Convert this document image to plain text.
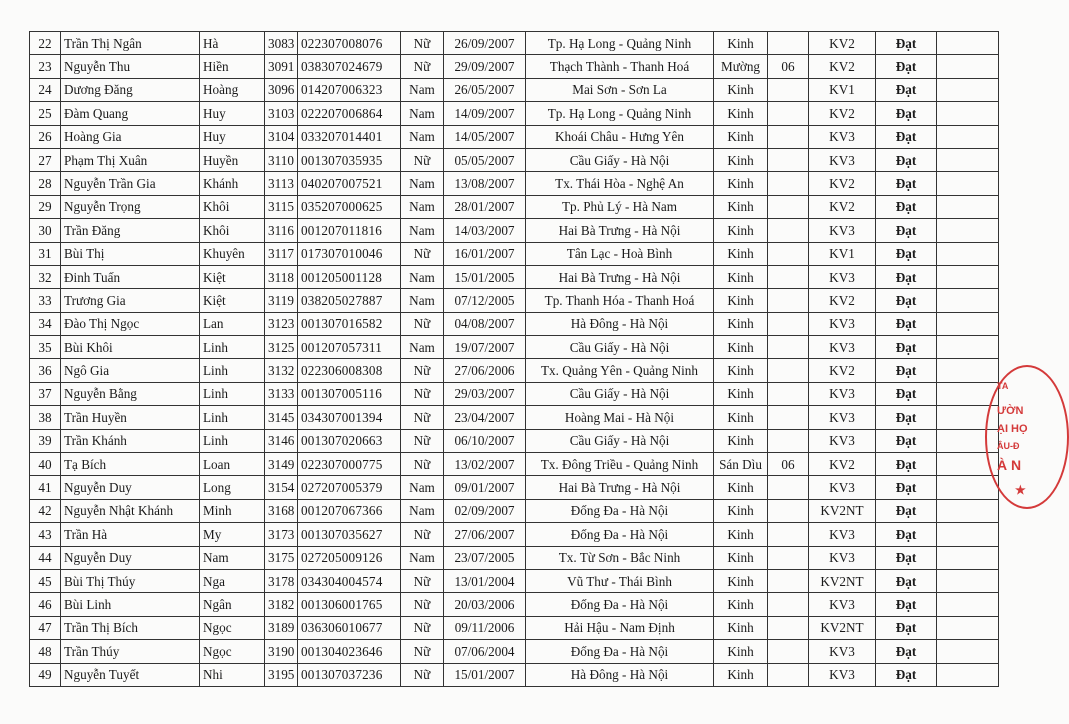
22	Trần Thị Ngân	Hà	3083	022307008076	Nữ	26/09/2007	Tp. Hạ Long - Quảng Ninh	Kinh		KV2	Đạt	
23	Nguyễn Thu	Hiền	3091	038307024679	Nữ	29/09/2007	Thạch Thành - Thanh Hoá	Mường	06	KV2	Đạt	
24	Dương Đăng	Hoàng	3096	014207006323	Nam	26/05/2007	Mai Sơn - Sơn La	Kinh		KV1	Đạt	
25	Đàm Quang	Huy	3103	022207006864	Nam	14/09/2007	Tp. Hạ Long - Quảng Ninh	Kinh		KV2	Đạt	
26	Hoàng Gia	Huy	3104	033207014401	Nam	14/05/2007	Khoái Châu - Hưng Yên	Kinh		KV3	Đạt	
27	Phạm Thị Xuân	Huyền	3110	001307035935	Nữ	05/05/2007	Cầu Giấy - Hà Nội	Kinh		KV3	Đạt	
28	Nguyễn Trần Gia	Khánh	3113	040207007521	Nam	13/08/2007	Tx. Thái Hòa - Nghệ An	Kinh		KV2	Đạt	
29	Nguyễn Trọng	Khôi	3115	035207000625	Nam	28/01/2007	Tp. Phủ Lý - Hà Nam	Kinh		KV2	Đạt	
30	Trần Đăng	Khôi	3116	001207011816	Nam	14/03/2007	Hai Bà Trưng - Hà Nội	Kinh		KV3	Đạt	
31	Bùi Thị	Khuyên	3117	017307010046	Nữ	16/01/2007	Tân Lạc - Hoà Bình	Kinh		KV1	Đạt	
32	Đinh Tuấn	Kiệt	3118	001205001128	Nam	15/01/2005	Hai Bà Trưng - Hà Nội	Kinh		KV3	Đạt	
33	Trương Gia	Kiệt	3119	038205027887	Nam	07/12/2005	Tp. Thanh Hóa - Thanh Hoá	Kinh		KV2	Đạt	
34	Đào Thị Ngọc	Lan	3123	001307016582	Nữ	04/08/2007	Hà Đông - Hà Nội	Kinh		KV3	Đạt	
35	Bùi Khôi	Linh	3125	001207057311	Nam	19/07/2007	Cầu Giấy - Hà Nội	Kinh		KV3	Đạt	
36	Ngô Gia	Linh	3132	022306008308	Nữ	27/06/2006	Tx. Quảng Yên - Quảng Ninh	Kinh		KV2	Đạt	
37	Nguyễn Bằng	Linh	3133	001307005116	Nữ	29/03/2007	Cầu Giấy - Hà Nội	Kinh		KV3	Đạt	
38	Trần Huyền	Linh	3145	034307001394	Nữ	23/04/2007	Hoàng Mai - Hà Nội	Kinh		KV3	Đạt	
39	Trần Khánh	Linh	3146	001307020663	Nữ	06/10/2007	Cầu Giấy - Hà Nội	Kinh		KV3	Đạt	
40	Tạ Bích	Loan	3149	022307000775	Nữ	13/02/2007	Tx. Đông Triều - Quảng Ninh	Sán Dìu	06	KV2	Đạt	
41	Nguyễn Duy	Long	3154	027207005379	Nam	09/01/2007	Hai Bà Trưng - Hà Nội	Kinh		KV3	Đạt	
42	Nguyễn Nhật Khánh	Minh	3168	001207067366	Nam	02/09/2007	Đống Đa - Hà Nội	Kinh		KV2NT	Đạt	
43	Trần Hà	My	3173	001307035627	Nữ	27/06/2007	Đống Đa - Hà Nội	Kinh		KV3	Đạt	
44	Nguyễn Duy	Nam	3175	027205009126	Nam	23/07/2005	Tx. Từ Sơn - Bắc Ninh	Kinh		KV3	Đạt	
45	Bùi Thị Thúy	Nga	3178	034304004574	Nữ	13/01/2004	Vũ Thư - Thái Bình	Kinh		KV2NT	Đạt	
46	Bùi Linh	Ngân	3182	001306001765	Nữ	20/03/2006	Đống Đa - Hà Nội	Kinh		KV3	Đạt	
47	Trần Thị Bích	Ngọc	3189	036306010677	Nữ	09/11/2006	Hải Hậu - Nam Định	Kinh		KV2NT	Đạt	
48	Trần Thúy	Ngọc	3190	001304023646	Nữ	07/06/2004	Đống Đa - Hà Nội	Kinh		KV3	Đạt	
49	Nguyễn Tuyết	Nhi	3195	001307037236	Nữ	15/01/2007	Hà Đông - Hà Nội	Kinh		KV3	Đạt	
TA
ƯỜN
ẠI HỌ
ÂU-Đ
À N
★
